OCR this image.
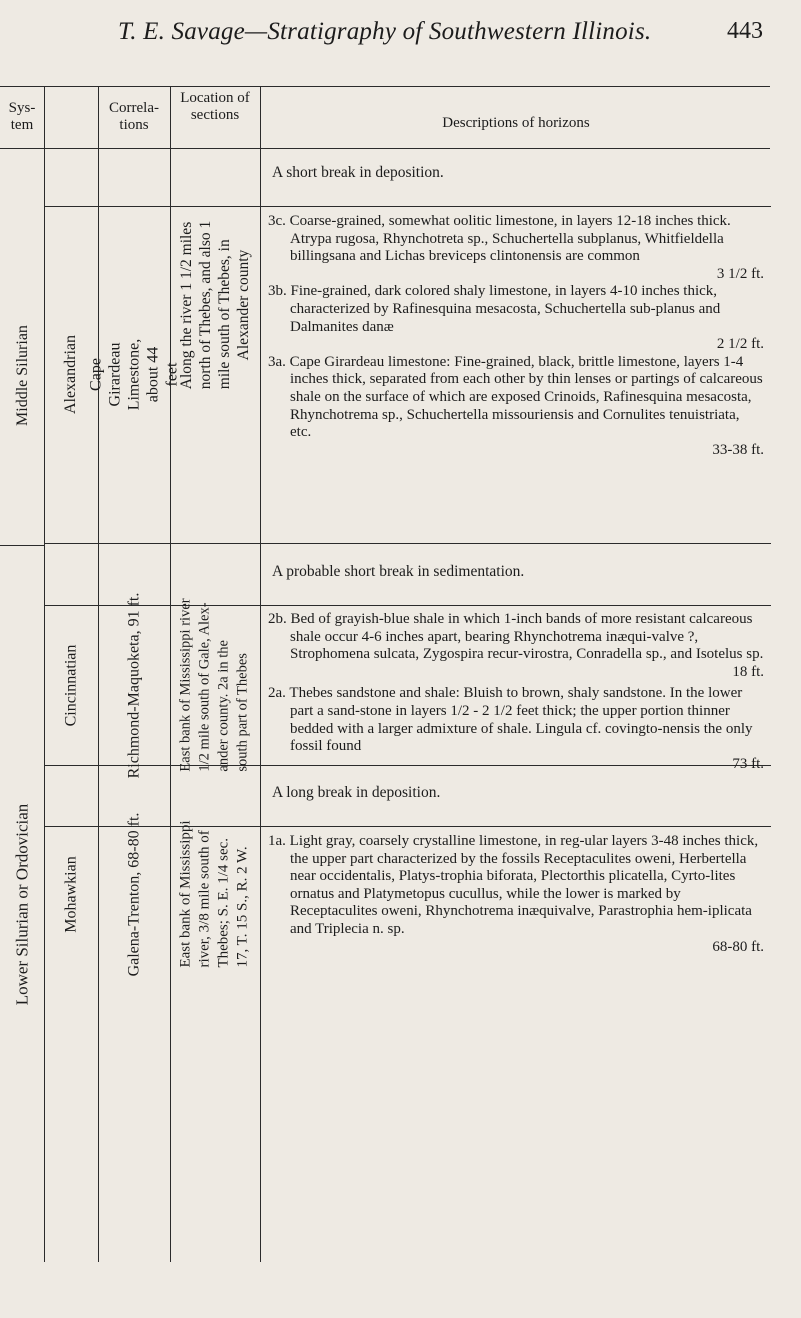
T. E. Savage—Stratigraphy of Southwestern Illinois.	443
Sys- tem
Correla- tions
Location of sections	Descriptions of horizons
A short break in deposition.
A probable short break in sedimentation.
A long break in deposition.
Middle Silurian
Lower Silurian or Ordovician
Alexandrian
Cincinnatian
Mohawkian
Cape Girardeau Limestone, about 44 feet
Richmond-Maquoketa, 91 ft.
Galena-Trenton, 68-80 ft.
Along the river 1 1/2 miles north of Thebes, and also 1 mile south of Thebes, in Alexander county
East bank of Mississippi river 1/2 mile south of Gale, Alex- ander county. 2a in the south part of Thebes
East bank of Mississippi river, 3/8 mile south of Thebes; S. E. 1/4 sec. 17, T. 15 S., R. 2 W.
3c. Coarse-grained, somewhat oolitic limestone, in layers 12-18 inches thick. Atrypa rugosa, Rhynchotreta sp., Schuchertella subplanus, Whitfieldella billingsana and Lichas breviceps clintonensis are common
3 1/2 ft.
3b. Fine-grained, dark colored shaly limestone, in layers 4-10 inches thick, characterized by Rafinesquina mesacosta, Schuchertella sub-planus and Dalmanites danæ
2 1/2 ft.
3a. Cape Girardeau limestone: Fine-grained, black, brittle limestone, layers 1-4 inches thick, separated from each other by thin lenses or partings of calcareous shale on the surface of which are exposed Crinoids, Rafinesquina mesacosta, Rhynchotrema sp., Schuchertella missouriensis and Cornulites tenuistriata, etc.
33-38 ft.
2b. Bed of grayish-blue shale in which 1-inch bands of more resistant calcareous shale occur 4-6 inches apart, bearing Rhynchotrema inæqui-valve ?, Strophomena sulcata, Zygospira recur-virostra, Conradella sp., and Isotelus sp.
18 ft.
2a. Thebes sandstone and shale: Bluish to brown, shaly sandstone. In the lower part a sand-stone in layers 1/2 - 2 1/2 feet thick; the upper portion thinner bedded with a larger admixture of shale. Lingula cf. covingto-nensis the only fossil found
73 ft.
1a. Light gray, coarsely crystalline limestone, in reg-ular layers 3-48 inches thick, the upper part characterized by the fossils Receptaculites oweni, Herbertella near occidentalis, Platys-trophia biforata, Plectorthis plicatella, Cyrto-lites ornatus and Platymetopus cucullus, while the lower is marked by Receptaculites oweni, Rhynchotrema inæquivalve, Parastrophia hem-iplicata and Triplecia n. sp.
68-80 ft.
